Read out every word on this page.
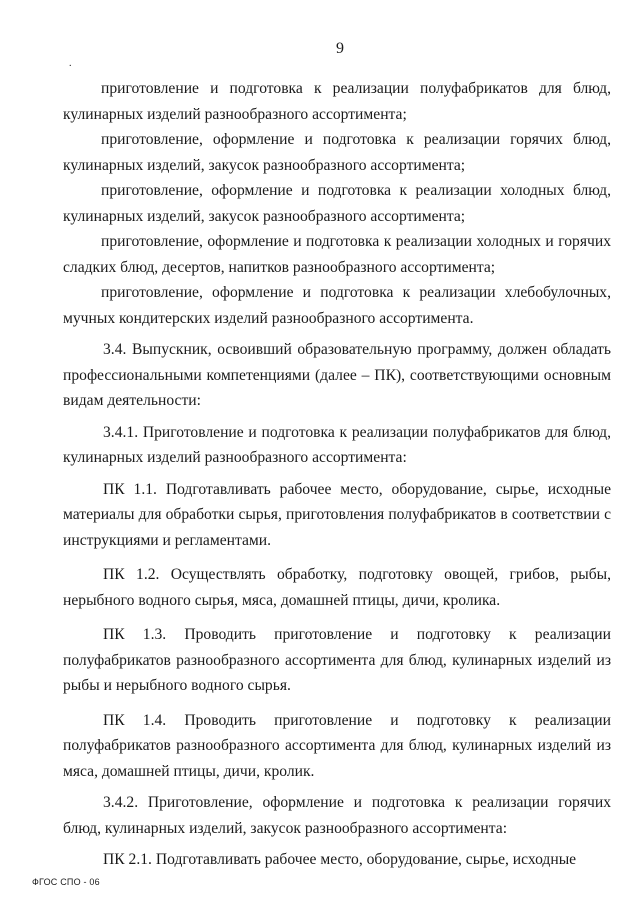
9
.

приготовление и подготовка к реализации полуфабрикатов для блюд, кулинарных изделий разнообразного ассортимента;

приготовление, оформление и подготовка к реализации горячих блюд, кулинарных изделий, закусок разнообразного ассортимента;

приготовление, оформление и подготовка к реализации холодных блюд, кулинарных изделий, закусок разнообразного ассортимента;

приготовление, оформление и подготовка к реализации холодных и горячих сладких блюд, десертов, напитков разнообразного ассортимента;

приготовление, оформление и подготовка к реализации хлебобулочных, мучных кондитерских изделий разнообразного ассортимента.

3.4. Выпускник, освоивший образовательную программу, должен обладать профессиональными компетенциями (далее – ПК), соответствующими основным видам деятельности:

3.4.1. Приготовление и подготовка к реализации полуфабрикатов для блюд, кулинарных изделий разнообразного ассортимента:

ПК 1.1. Подготавливать рабочее место, оборудование, сырье, исходные материалы для обработки сырья, приготовления полуфабрикатов в соответствии с инструкциями и регламентами.

ПК 1.2. Осуществлять обработку, подготовку овощей, грибов, рыбы, нерыбного водного сырья, мяса, домашней птицы, дичи, кролика.

ПК 1.3. Проводить приготовление и подготовку к реализации полуфабрикатов разнообразного ассортимента для блюд, кулинарных изделий из рыбы и нерыбного водного сырья.

ПК 1.4. Проводить приготовление и подготовку к реализации полуфабрикатов разнообразного ассортимента для блюд, кулинарных изделий из мяса, домашней птицы, дичи, кролик.

3.4.2. Приготовление, оформление и подготовка к реализации горячих блюд, кулинарных изделий, закусок разнообразного ассортимента:

ПК 2.1. Подготавливать рабочее место, оборудование, сырье, исходные

ФГОС СПО - 06
